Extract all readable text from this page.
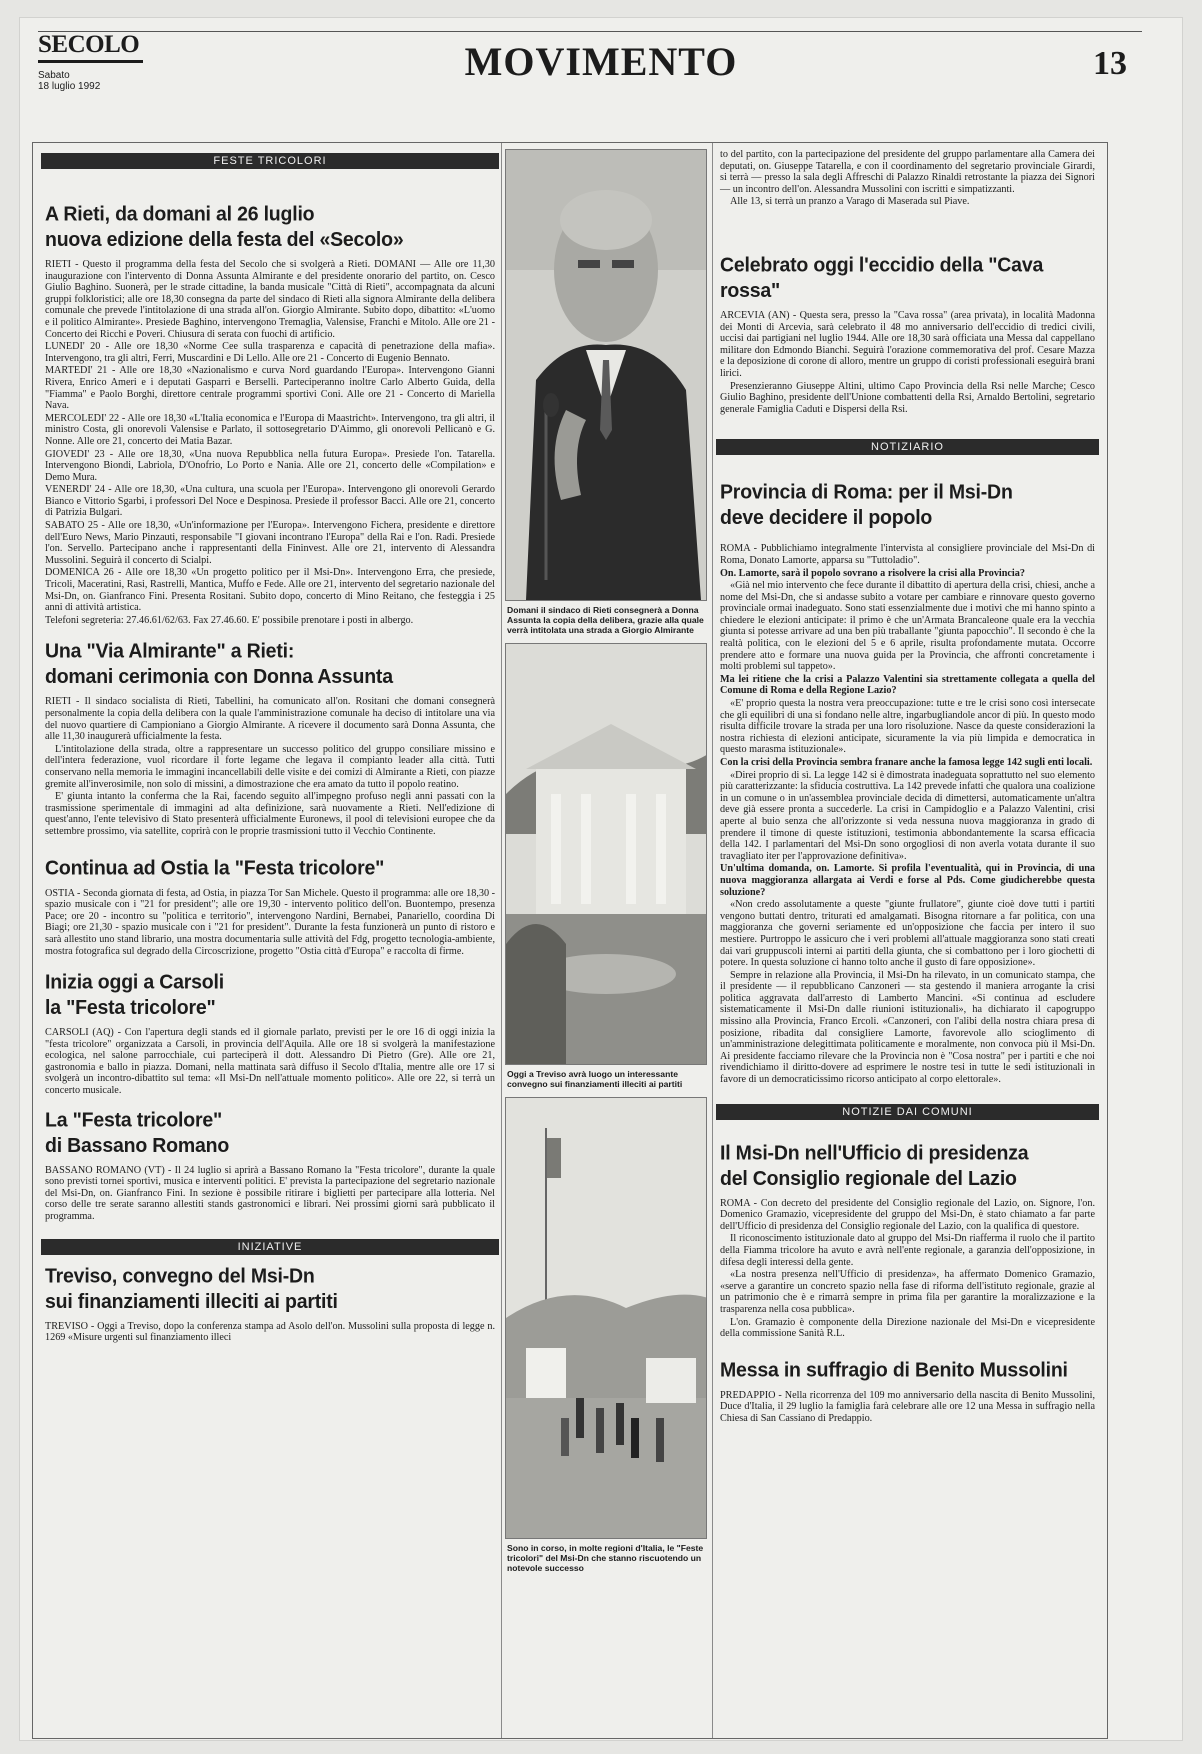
SECOLO
Sabato
18 luglio 1992
MOVIMENTO	13
FESTE TRICOLORI
A Rieti, da domani al 26 luglio
nuova edizione della festa del «Secolo»

RIETI - Questo il programma della festa del Secolo che si svolgerà a Rieti. DOMANI — Alle ore 11,30 inaugurazione con l'intervento di Donna Assunta Almirante e del presidente onorario del partito, on. Cesco Giulio Baghino. Suonerà, per le strade cittadine, la banda musicale "Città di Rieti", accompagnata da alcuni gruppi folkloristici; alle ore 18,30 consegna da parte del sindaco di Rieti alla signora Almirante della delibera comunale che prevede l'intitolazione di una strada all'on. Giorgio Almirante. Subito dopo, dibattito: «L'uomo e il politico Almirante». Presiede Baghino, intervengono Tremaglia, Valensise, Franchi e Mitolo. Alle ore 21 - Concerto dei Ricchi e Poveri. Chiusura di serata con fuochi di artificio.

LUNEDI' 20 - Alle ore 18,30 «Norme Cee sulla trasparenza e capacità di penetrazione della mafia». Intervengono, tra gli altri, Ferri, Muscardini e Di Lello. Alle ore 21 - Concerto di Eugenio Bennato.

MARTEDI' 21 - Alle ore 18,30 «Nazionalismo e curva Nord guardando l'Europa». Intervengono Gianni Rivera, Enrico Ameri e i deputati Gasparri e Berselli. Parteciperanno inoltre Carlo Alberto Guida, della "Fiamma" e Paolo Borghi, direttore centrale programmi sportivi Coni. Alle ore 21 - Concerto di Mariella Nava.

MERCOLEDI' 22 - Alle ore 18,30 «L'Italia economica e l'Europa di Maastricht». Intervengono, tra gli altri, il ministro Costa, gli onorevoli Valensise e Parlato, il sottosegretario D'Aimmo, gli onorevoli Pellicanò e G. Nonne. Alle ore 21, concerto dei Matia Bazar.

GIOVEDI' 23 - Alle ore 18,30, «Una nuova Repubblica nella futura Europa». Presiede l'on. Tatarella. Intervengono Biondi, Labriola, D'Onofrio, Lo Porto e Nania. Alle ore 21, concerto delle «Compilation» e Demo Mura.

VENERDI' 24 - Alle ore 18,30, «Una cultura, una scuola per l'Europa». Intervengono gli onorevoli Gerardo Bianco e Vittorio Sgarbi, i professori Del Noce e Despinosa. Presiede il professor Bacci. Alle ore 21, concerto di Patrizia Bulgari.

SABATO 25 - Alle ore 18,30, «Un'informazione per l'Europa». Intervengono Fichera, presidente e direttore dell'Euro News, Mario Pinzauti, responsabile "I giovani incontrano l'Europa" della Rai e l'on. Radi. Presiede l'on. Servello. Partecipano anche i rappresentanti della Fininvest. Alle ore 21, intervento di Alessandra Mussolini. Seguirà il concerto di Scialpi.

DOMENICA 26 - Alle ore 18,30 «Un progetto politico per il Msi-Dn». Intervengono Erra, che presiede, Tricoli, Maceratini, Rasi, Rastrelli, Mantica, Muffo e Fede. Alle ore 21, intervento del segretario nazionale del Msi-Dn, on. Gianfranco Fini. Presenta Rositani. Subito dopo, concerto di Mino Reitano, che festeggia i 25 anni di attività artistica.

Telefoni segreteria: 27.46.61/62/63. Fax 27.46.60. E' possibile prenotare i posti in albergo.

Una "Via Almirante" a Rieti:
domani cerimonia con Donna Assunta

RIETI - Il sindaco socialista di Rieti, Tabellini, ha comunicato all'on. Rositani che domani consegnerà personalmente la copia della delibera con la quale l'amministrazione comunale ha deciso di intitolare una via del nuovo quartiere di Campioniano a Giorgio Almirante. A ricevere il documento sarà Donna Assunta, che alle 11,30 inaugurerà ufficialmente la festa.

L'intitolazione della strada, oltre a rappresentare un successo politico del gruppo consiliare missino e dell'intera federazione, vuol ricordare il forte legame che legava il compianto leader alla città. Tutti conservano nella memoria le immagini incancellabili delle visite e dei comizi di Almirante a Rieti, con piazze gremite all'inverosimile, non solo di missini, a dimostrazione che era amato da tutto il popolo reatino.

E' giunta intanto la conferma che la Rai, facendo seguito all'impegno profuso negli anni passati con la trasmissione sperimentale di immagini ad alta definizione, sarà nuovamente a Rieti. Nell'edizione di quest'anno, l'ente televisivo di Stato presenterà ufficialmente Euronews, il pool di televisioni europee che da settembre prossimo, via satellite, coprirà con le proprie trasmissioni tutto il Vecchio Continente.

Continua ad Ostia la "Festa tricolore"

OSTIA - Seconda giornata di festa, ad Ostia, in piazza Tor San Michele. Questo il programma: alle ore 18,30 - spazio musicale con i "21 for president"; alle ore 19,30 - intervento politico dell'on. Buontempo, presenza Pace; ore 20 - incontro su "politica e territorio", intervengono Nardini, Bernabei, Panariello, coordina Di Biagi; ore 21,30 - spazio musicale con i "21 for president". Durante la festa funzionerà un punto di ristoro e sarà allestito uno stand librario, una mostra documentaria sulle attività del Fdg, progetto tecnologia-ambiente, mostra fotografica sul degrado della Circoscrizione, progetto "Ostia città d'Europa" e raccolta di firme.

Inizia oggi a Carsoli
la "Festa tricolore"

CARSOLI (AQ) - Con l'apertura degli stands ed il giornale parlato, previsti per le ore 16 di oggi inizia la "festa tricolore" organizzata a Carsoli, in provincia dell'Aquila. Alle ore 18 si svolgerà la manifestazione ecologica, nel salone parrocchiale, cui parteciperà il dott. Alessandro Di Pietro (Gre). Alle ore 21, gastronomia e ballo in piazza. Domani, nella mattinata sarà diffuso il Secolo d'Italia, mentre alle ore 17 si svolgerà un incontro-dibattito sul tema: «Il Msi-Dn nell'attuale momento politico». Alle ore 22, si terrà un concerto musicale.

La "Festa tricolore"
di Bassano Romano

BASSANO ROMANO (VT) - Il 24 luglio si aprirà a Bassano Romano la "Festa tricolore", durante la quale sono previsti tornei sportivi, musica e interventi politici. E' prevista la partecipazione del segretario nazionale del Msi-Dn, on. Gianfranco Fini. In sezione è possibile ritirare i biglietti per partecipare alla lotteria. Nel corso delle tre serate saranno allestiti stands gastronomici e librari. Nei prossimi giorni sarà pubblicato il programma.

INIZIATIVE
Treviso, convegno del Msi-Dn
sui finanziamenti illeciti ai partiti

TREVISO - Oggi a Treviso, dopo la conferenza stampa ad Asolo dell'on. Mussolini sulla proposta di legge n. 1269 «Misure urgenti sul finanziamento illeci

Domani il sindaco di Rieti consegnerà a Donna Assunta la copia della delibera, grazie alla quale verrà intitolata una strada a Giorgio Almirante
Oggi a Treviso avrà luogo un interessante convegno sui finanziamenti illeciti ai partiti
Sono in corso, in molte regioni d'Italia, le "Feste tricolori" del Msi-Dn che stanno riscuotendo un notevole successo

to del partito, con la partecipazione del presidente del gruppo parlamentare alla Camera dei deputati, on. Giuseppe Tatarella, e con il coordinamento del segretario provinciale Girardi, si terrà — presso la sala degli Affreschi di Palazzo Rinaldi retrostante la piazza dei Signori — un incontro dell'on. Alessandra Mussolini con iscritti e simpatizzanti.

Alle 13, si terrà un pranzo a Varago di Maserada sul Piave.

Celebrato oggi l'eccidio della "Cava rossa"

ARCEVIA (AN) - Questa sera, presso la "Cava rossa" (area privata), in località Madonna dei Monti di Arcevia, sarà celebrato il 48 mo anniversario dell'eccidio di tredici civili, uccisi dai partigiani nel luglio 1944. Alle ore 18,30 sarà officiata una Messa dal cappellano militare don Edmondo Bianchi. Seguirà l'orazione commemorativa del prof. Cesare Mazza e la deposizione di corone di alloro, mentre un gruppo di coristi professionali eseguirà brani lirici.

Presenzieranno Giuseppe Altini, ultimo Capo Provincia della Rsi nelle Marche; Cesco Giulio Baghino, presidente dell'Unione combattenti della Rsi, Arnaldo Bertolini, segretario generale Famiglia Caduti e Dispersi della Rsi.

NOTIZIARIO
Provincia di Roma: per il Msi-Dn
deve decidere il popolo

ROMA - Pubblichiamo integralmente l'intervista al consigliere provinciale del Msi-Dn di Roma, Donato Lamorte, apparsa su "Tuttoladio".

On. Lamorte, sarà il popolo sovrano a risolvere la crisi alla Provincia?

«Già nel mio intervento che fece durante il dibattito di apertura della crisi, chiesi, anche a nome del Msi-Dn, che si andasse subito a votare per cambiare e rinnovare questo governo provinciale ormai inadeguato. Sono stati essenzialmente due i motivi che mi hanno spinto a chiedere le elezioni anticipate: il primo è che un'Armata Brancaleone quale era la vecchia giunta si potesse arrivare ad una ben più traballante "giunta papocchio". Il secondo è che la realtà politica, con le elezioni del 5 e 6 aprile, risulta profondamente mutata. Occorre prendere atto e formare una nuova guida per la Provincia, che affronti concretamente i molti problemi sul tappeto».

Ma lei ritiene che la crisi a Palazzo Valentini sia strettamente collegata a quella del Comune di Roma e della Regione Lazio?

«E' proprio questa la nostra vera preoccupazione: tutte e tre le crisi sono così intersecate che gli equilibri di una si fondano nelle altre, ingarbugliandole ancor di più. In questo modo risulta difficile trovare la strada per una loro risoluzione. Nasce da queste considerazioni la nostra richiesta di elezioni anticipate, sicuramente la via più limpida e democratica in questo marasma istituzionale».

Con la crisi della Provincia sembra franare anche la famosa legge 142 sugli enti locali.

«Direi proprio di sì. La legge 142 si è dimostrata inadeguata soprattutto nel suo elemento più caratterizzante: la sfiducia costruttiva. La 142 prevede infatti che qualora una coalizione in un comune o in un'assemblea provinciale decida di dimettersi, automaticamente un'altra deve già essere pronta a succederle. La crisi in Campidoglio e a Palazzo Valentini, crisi aperte al buio senza che all'orizzonte si veda nessuna nuova maggioranza in grado di prendere il timone di queste istituzioni, testimonia abbondantemente la scarsa efficacia della 142. I parlamentari del Msi-Dn sono orgogliosi di non averla votata durante il suo travagliato iter per l'approvazione definitiva».

Un'ultima domanda, on. Lamorte. Si profila l'eventualità, qui in Provincia, di una nuova maggioranza allargata ai Verdi e forse al Pds. Come giudicherebbe questa soluzione?

«Non credo assolutamente a queste "giunte frullatore", giunte cioè dove tutti i partiti vengono buttati dentro, triturati ed amalgamati. Bisogna ritornare a far politica, con una maggioranza che governi seriamente ed un'opposizione che faccia per intero il suo mestiere. Purtroppo le assicuro che i veri problemi all'attuale maggioranza sono stati creati dai vari gruppuscoli interni ai partiti della giunta, che si combattono per i loro giochetti di potere. In questa soluzione ci hanno tolto anche il gusto di fare opposizione».

Sempre in relazione alla Provincia, il Msi-Dn ha rilevato, in un comunicato stampa, che il presidente — il repubblicano Canzoneri — sta gestendo il maniera arrogante la crisi politica aggravata dall'arresto di Lamberto Mancini. «Si continua ad escludere sistematicamente il Msi-Dn dalle riunioni istituzionali», ha dichiarato il capogruppo missino alla Provincia, Franco Ercoli. «Canzoneri, con l'alibi della nostra chiara presa di posizione, ribadita dal consigliere Lamorte, favorevole allo scioglimento di un'amministrazione delegittimata politicamente e moralmente, non convoca più il Msi-Dn. Ai presidente facciamo rilevare che la Provincia non è "Cosa nostra" per i partiti e che noi rivendichiamo il diritto-dovere ad esprimere le nostre tesi in tutte le sedi istituzionali in favore di un democraticissimo ricorso anticipato al corpo elettorale».

NOTIZIE DAI COMUNI
Il Msi-Dn nell'Ufficio di presidenza
del Consiglio regionale del Lazio

ROMA - Con decreto del presidente del Consiglio regionale del Lazio, on. Signore, l'on. Domenico Gramazio, vicepresidente del gruppo del Msi-Dn, è stato chiamato a far parte dell'Ufficio di presidenza del Consiglio regionale del Lazio, con la qualifica di questore.

Il riconoscimento istituzionale dato al gruppo del Msi-Dn riafferma il ruolo che il partito della Fiamma tricolore ha avuto e avrà nell'ente regionale, a garanzia dell'opposizione, in difesa degli interessi della gente.

«La nostra presenza nell'Ufficio di presidenza», ha affermato Domenico Gramazio, «serve a garantire un concreto spazio nella fase di riforma dell'istituto regionale, grazie al un patrimonio che è e rimarrà sempre in prima fila per garantire la moralizzazione e la trasparenza nella cosa pubblica».

L'on. Gramazio è componente della Direzione nazionale del Msi-Dn e vicepresidente della commissione Sanità R.L.

Messa in suffragio di Benito Mussolini

PREDAPPIO - Nella ricorrenza del 109 mo anniversario della nascita di Benito Mussolini, Duce d'Italia, il 29 luglio la famiglia farà celebrare alle ore 12 una Messa in suffragio nella Chiesa di San Cassiano di Predappio.
